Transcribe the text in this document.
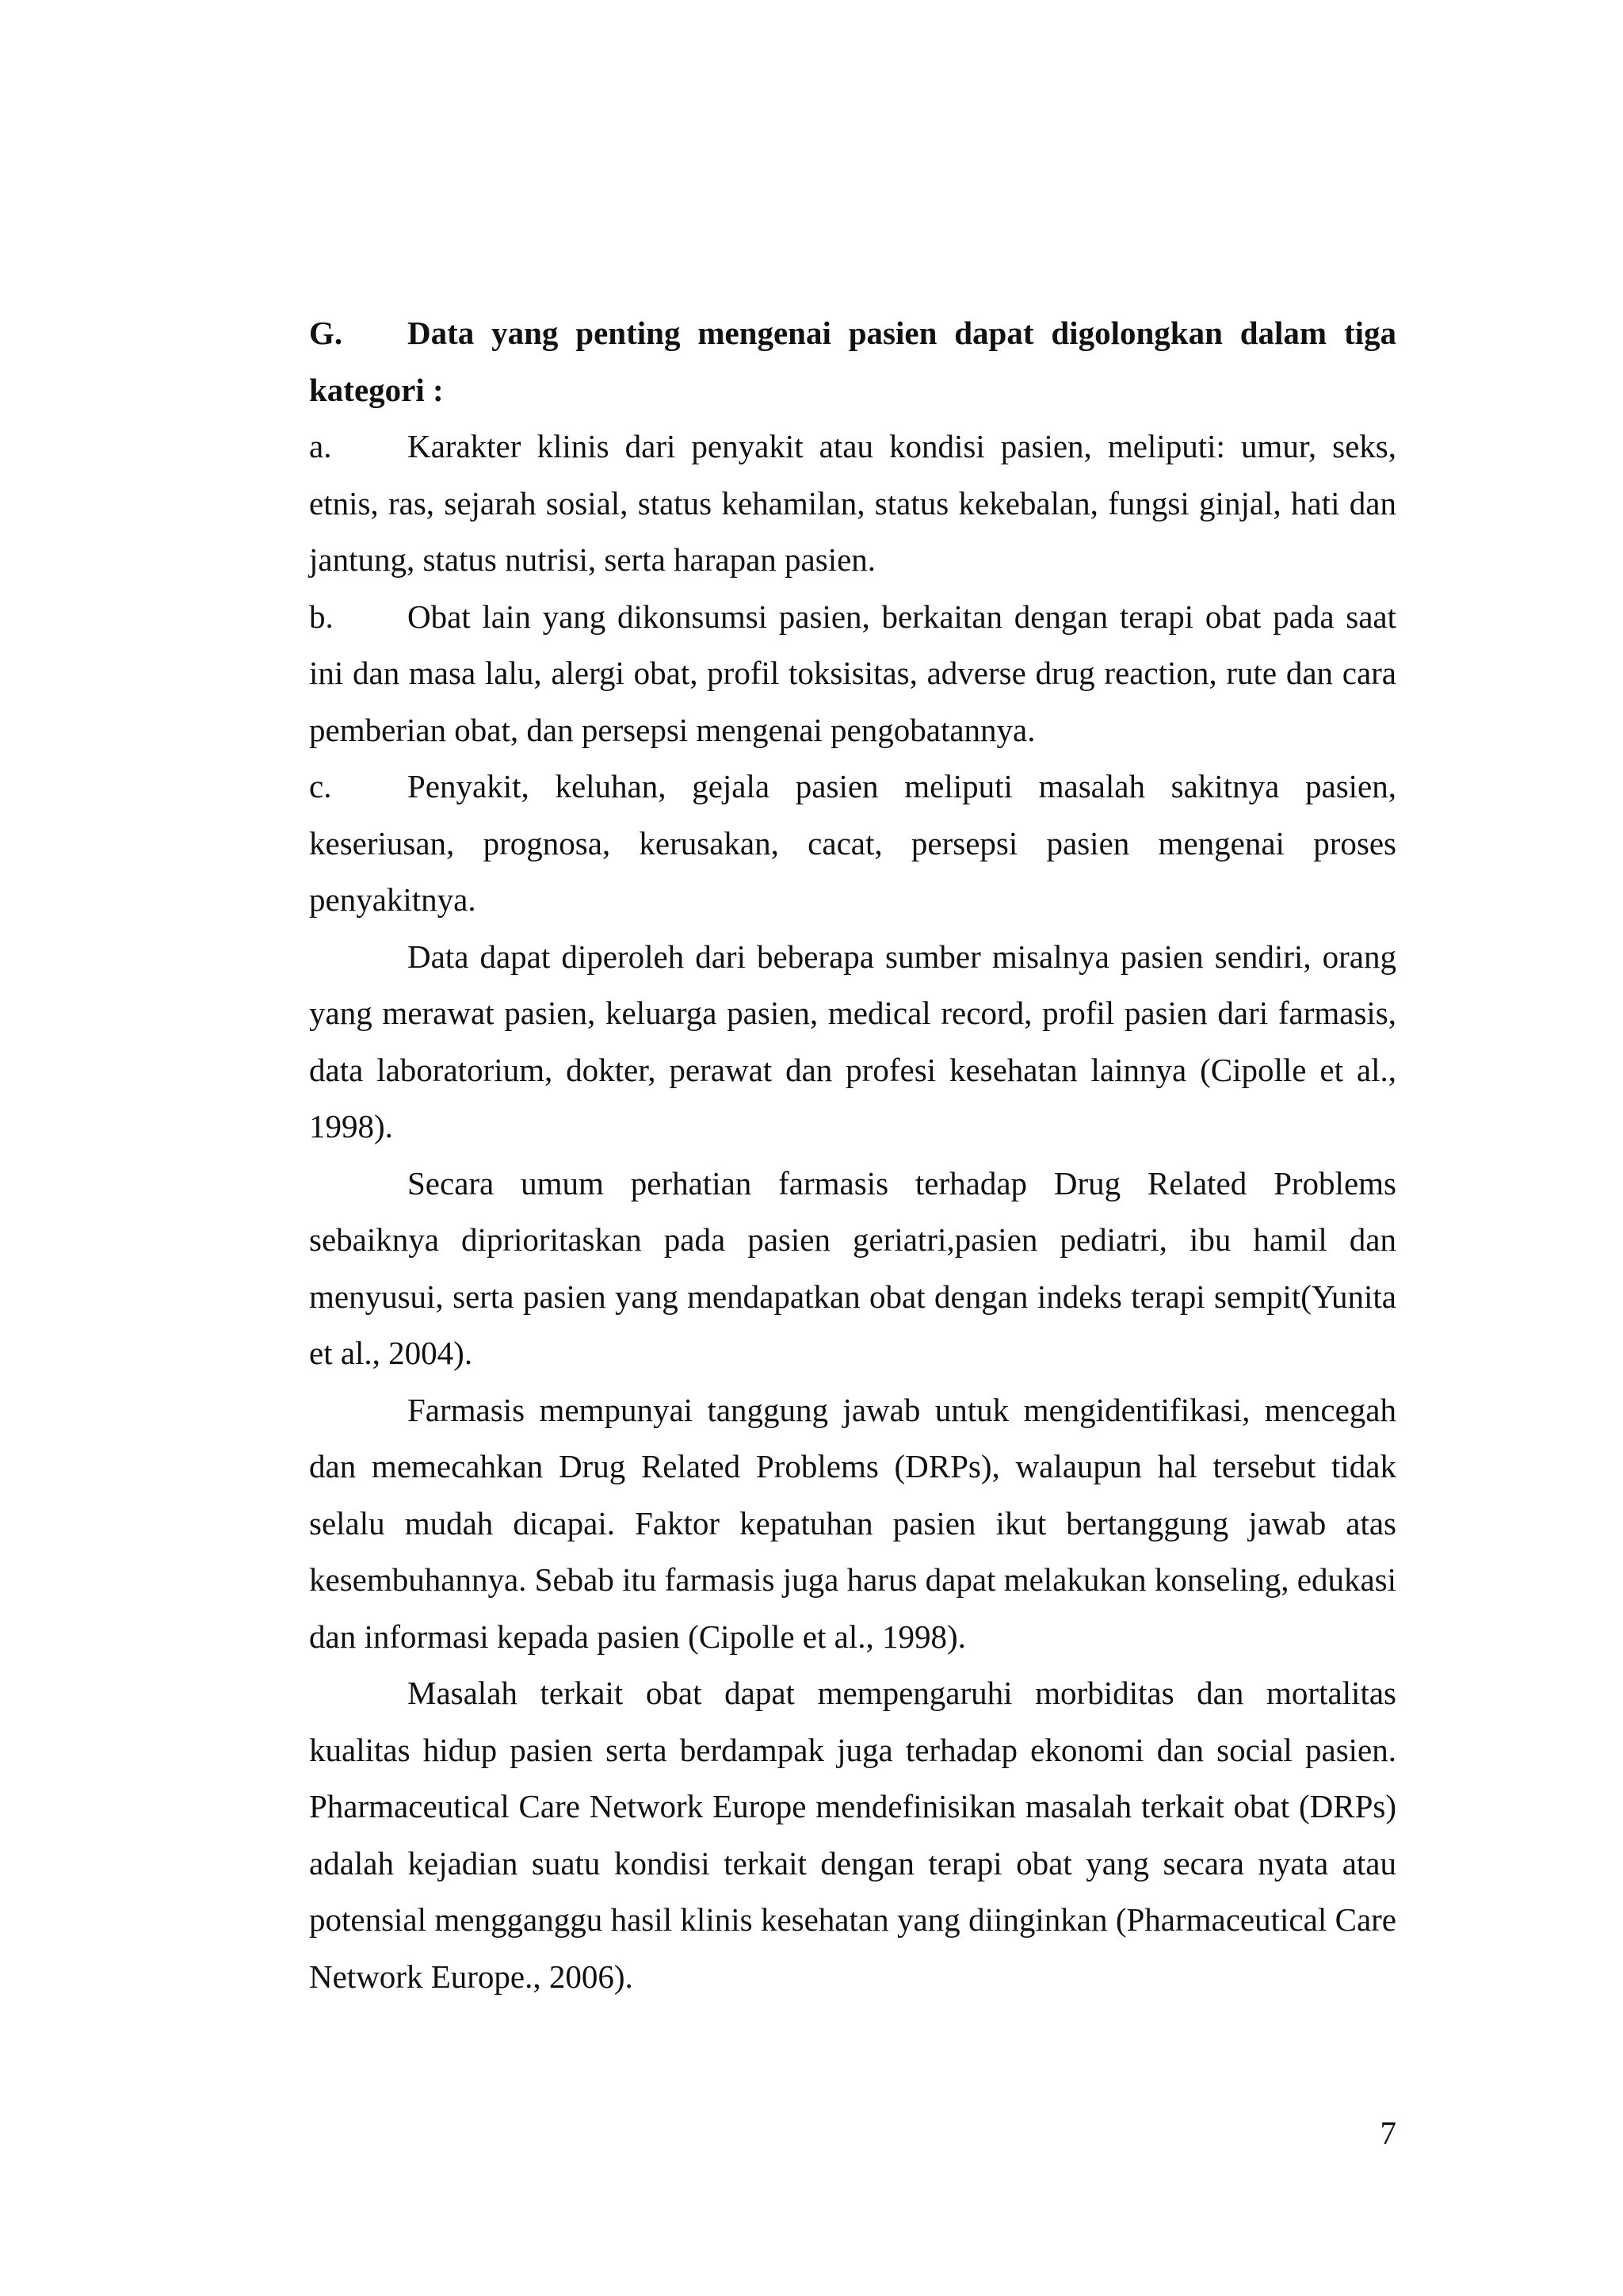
G. Data yang penting mengenai pasien dapat digolongkan dalam tiga kategori :

a. Karakter klinis dari penyakit atau kondisi pasien, meliputi: umur, seks, etnis, ras, sejarah sosial, status kehamilan, status kekebalan, fungsi ginjal, hati dan jantung, status nutrisi, serta harapan pasien.

b. Obat lain yang dikonsumsi pasien, berkaitan dengan terapi obat pada saat ini dan masa lalu, alergi obat, profil toksisitas, adverse drug reaction, rute dan cara pemberian obat, dan persepsi mengenai pengobatannya.

c. Penyakit, keluhan, gejala pasien meliputi masalah sakitnya pasien, keseriusan, prognosa, kerusakan, cacat, persepsi pasien mengenai proses penyakitnya.

Data dapat diperoleh dari beberapa sumber misalnya pasien sendiri, orang yang merawat pasien, keluarga pasien, medical record, profil pasien dari farmasis, data laboratorium, dokter, perawat dan profesi kesehatan lainnya (Cipolle et al., 1998).

Secara umum perhatian farmasis terhadap Drug Related Problems sebaiknya diprioritaskan pada pasien geriatri,pasien pediatri, ibu hamil dan menyusui, serta pasien yang mendapatkan obat dengan indeks terapi sempit(Yunita et al., 2004).

Farmasis mempunyai tanggung jawab untuk mengidentifikasi, mencegah dan memecahkan Drug Related Problems (DRPs), walaupun hal tersebut tidak selalu mudah dicapai. Faktor kepatuhan pasien ikut bertanggung jawab atas kesembuhannya. Sebab itu farmasis juga harus dapat melakukan konseling, edukasi dan informasi kepada pasien (Cipolle et al., 1998).

Masalah terkait obat dapat mempengaruhi morbiditas dan mortalitas kualitas hidup pasien serta berdampak juga terhadap ekonomi dan social pasien. Pharmaceutical Care Network Europe mendefinisikan masalah terkait obat (DRPs) adalah kejadian suatu kondisi terkait dengan terapi obat yang secara nyata atau potensial mengganggu hasil klinis kesehatan yang diinginkan (Pharmaceutical Care Network Europe., 2006).

7
